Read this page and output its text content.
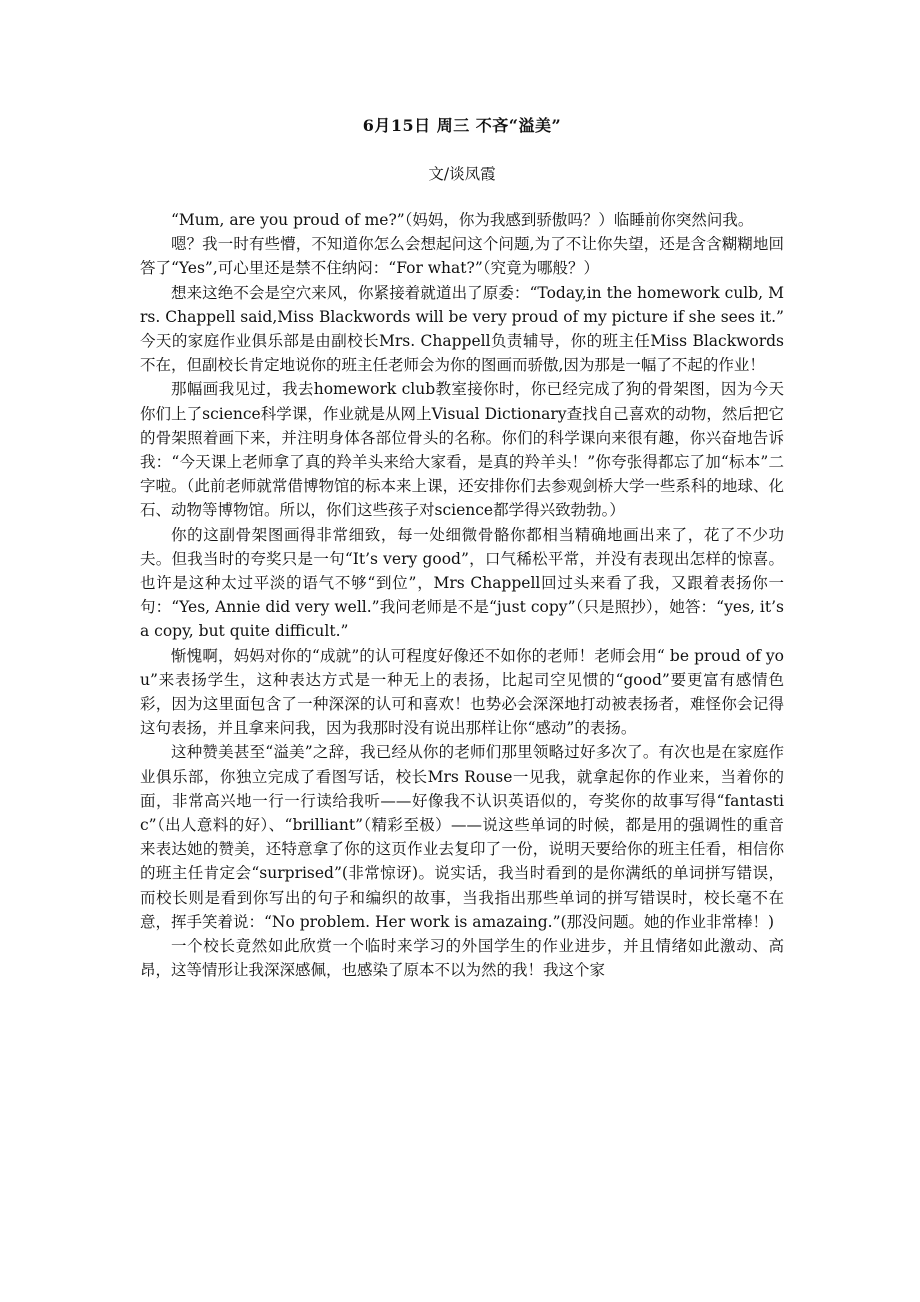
6月15日 周三 不吝“溢美”
文/谈凤霞

“Mum, are you proud of me?”（妈妈，你为我感到骄傲吗？）临睡前你突然问我。

嗯？我一时有些懵，不知道你怎么会想起问这个问题,为了不让你失望，还是含含糊糊地回答了“Yes”,可心里还是禁不住纳闷：“For what?”（究竟为哪般？）

想来这绝不会是空穴来风，你紧接着就道出了原委：“Today,in the homework culb, Mrs. Chappell said,Miss Blackwords will be very proud of my picture if she sees it.” 今天的家庭作业俱乐部是由副校长Mrs. Chappell负责辅导，你的班主任Miss Blackwords不在，但副校长肯定地说你的班主任老师会为你的图画而骄傲,因为那是一幅了不起的作业！

那幅画我见过，我去homework club教室接你时，你已经完成了狗的骨架图，因为今天你们上了science科学课，作业就是从网上Visual Dictionary查找自己喜欢的动物，然后把它的骨架照着画下来，并注明身体各部位骨头的名称。你们的科学课向来很有趣，你兴奋地告诉我：“今天课上老师拿了真的羚羊头来给大家看，是真的羚羊头！”你夸张得都忘了加“标本”二字啦。（此前老师就常借博物馆的标本来上课，还安排你们去参观剑桥大学一些系科的地球、化石、动物等博物馆。所以，你们这些孩子对science都学得兴致勃勃。）

你的这副骨架图画得非常细致，每一处细微骨骼你都相当精确地画出来了，花了不少功夫。但我当时的夸奖只是一句“It’s very good”，口气稀松平常，并没有表现出怎样的惊喜。也许是这种太过平淡的语气不够“到位”，Mrs Chappell回过头来看了我，又跟着表扬你一句：“Yes, Annie did very well.”我问老师是不是“just copy”（只是照抄），她答：“yes, it’s a copy, but quite difficult.”

惭愧啊，妈妈对你的“成就”的认可程度好像还不如你的老师！老师会用“ be proud of you”来表扬学生，这种表达方式是一种无上的表扬，比起司空见惯的“good”要更富有感情色彩，因为这里面包含了一种深深的认可和喜欢！也势必会深深地打动被表扬者，难怪你会记得这句表扬，并且拿来问我，因为我那时没有说出那样让你“感动”的表扬。

这种赞美甚至“溢美”之辞，我已经从你的老师们那里领略过好多次了。有次也是在家庭作业俱乐部，你独立完成了看图写话，校长Mrs Rouse一见我，就拿起你的作业来，当着你的面，非常高兴地一行一行读给我听——好像我不认识英语似的，夸奖你的故事写得“fantastic”（出人意料的好）、“brilliant”（精彩至极）——说这些单词的时候，都是用的强调性的重音来表达她的赞美，还特意拿了你的这页作业去复印了一份，说明天要给你的班主任看，相信你的班主任肯定会“surprised”(非常惊讶)。说实话，我当时看到的是你满纸的单词拼写错误，而校长则是看到你写出的句子和编织的故事，当我指出那些单词的拼写错误时，校长毫不在意，挥手笑着说：“No problem. Her work is amazaing.”(那没问题。她的作业非常棒！)

一个校长竟然如此欣赏一个临时来学习的外国学生的作业进步，并且情绪如此激动、高昂，这等情形让我深深感佩，也感染了原本不以为然的我！我这个家
